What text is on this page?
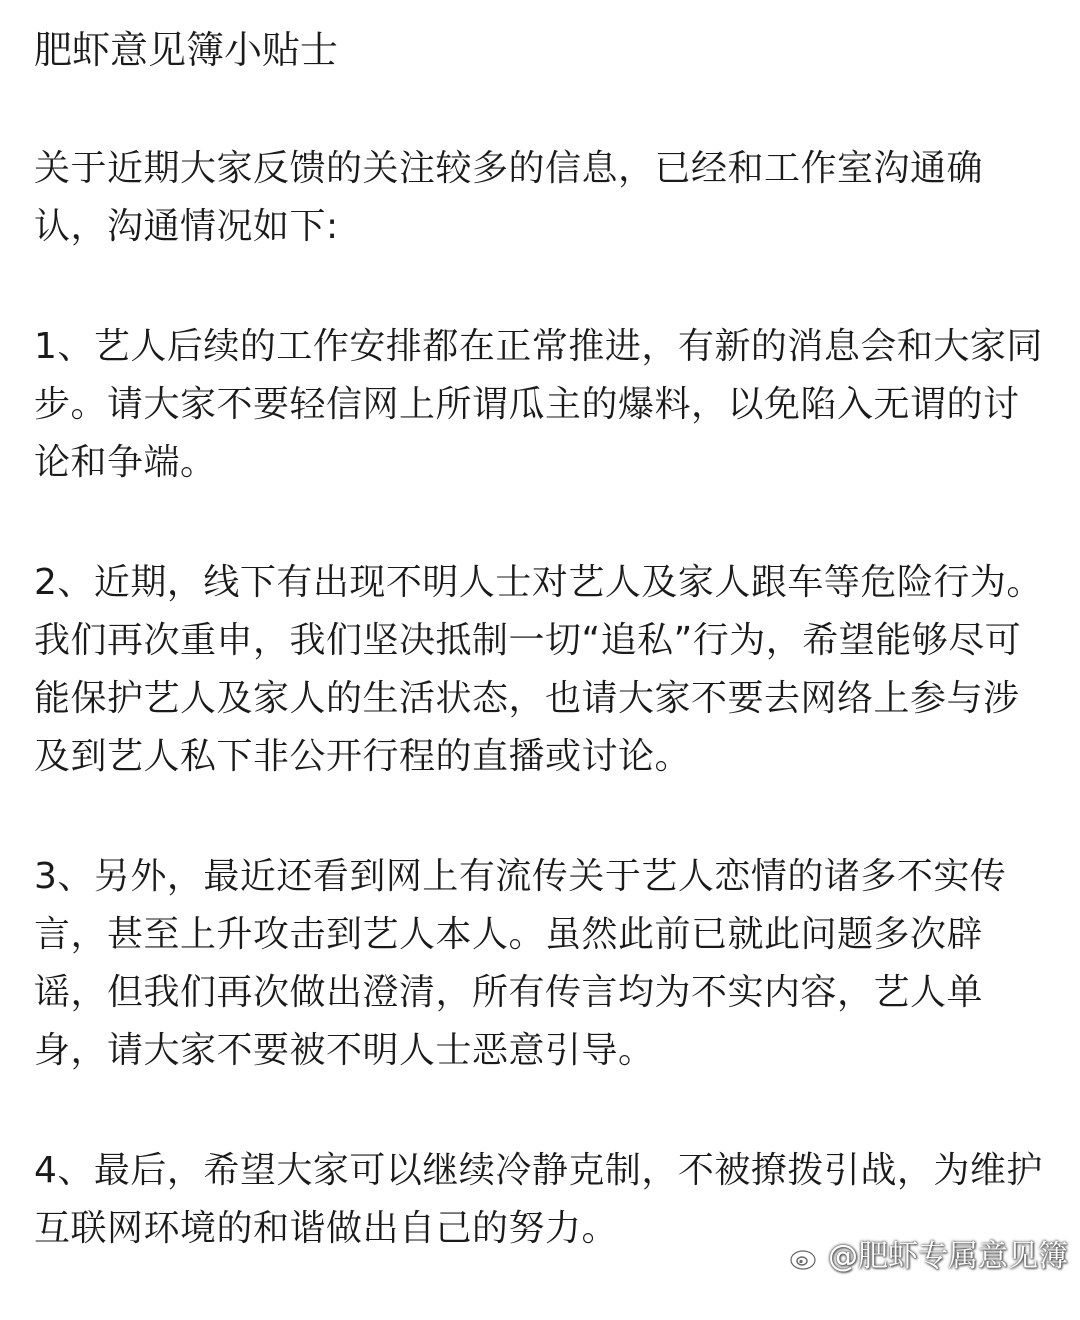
肥虾意见簿小贴士

关于近期大家反馈的关注较多的信息，已经和工作室沟通确认，沟通情况如下:

1、艺人后续的工作安排都在正常推进，有新的消息会和大家同步。请大家不要轻信网上所谓瓜主的爆料，以免陷入无谓的讨论和争端。

2、近期，线下有出现不明人士对艺人及家人跟车等危险行为。我们再次重申，我们坚决抵制一切“追私”行为，希望能够尽可能保护艺人及家人的生活状态，也请大家不要去网络上参与涉及到艺人私下非公开行程的直播或讨论。

3、另外，最近还看到网上有流传关于艺人恋情的诸多不实传言，甚至上升攻击到艺人本人。虽然此前已就此问题多次辟谣，但我们再次做出澄清，所有传言均为不实内容，艺人单身，请大家不要被不明人士恶意引导。

4、最后，希望大家可以继续冷静克制，不被撩拨引战，为维护互联网环境的和谐做出自己的努力。

@肥虾专属意见簿
